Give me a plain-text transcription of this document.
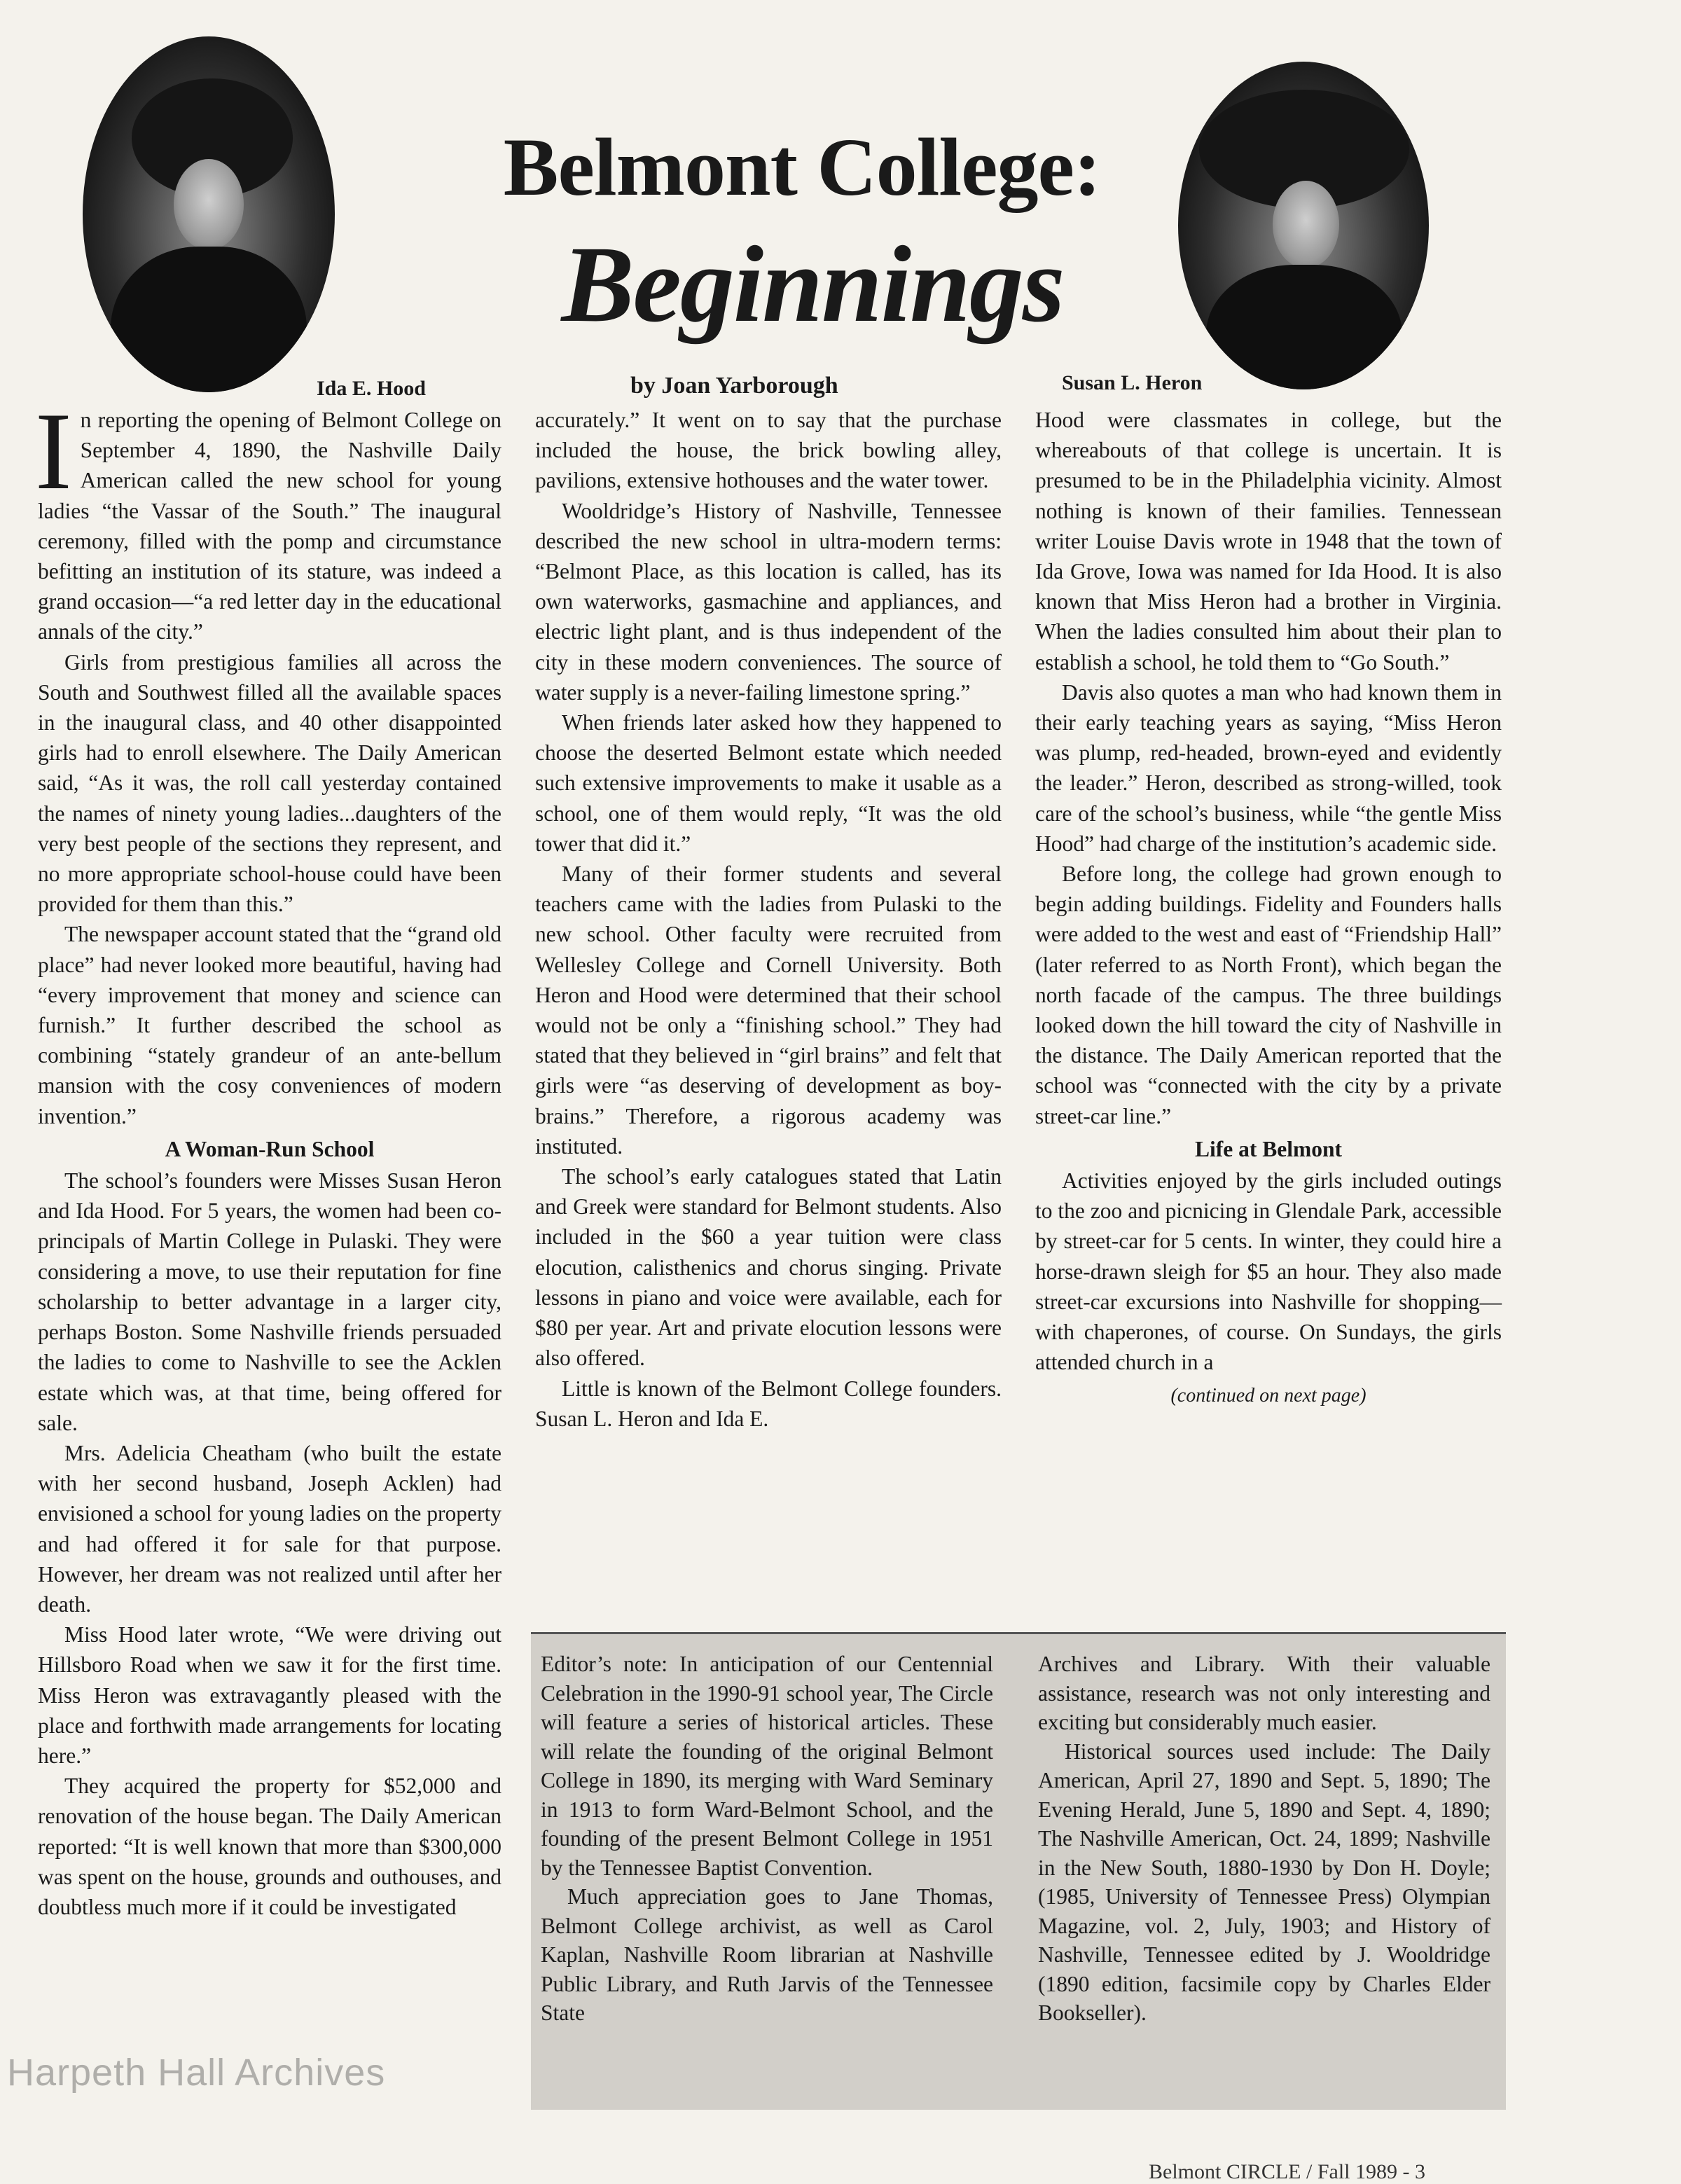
Ida E. Hood	Susan L. Heron
Belmont College:
Beginnings
by Joan Yarborough

In reporting the opening of Belmont College on September 4, 1890, the Nashville Daily American called the new school for young ladies “the Vassar of the South.” The inaugural ceremony, filled with the pomp and circumstance befitting an institution of its stature, was indeed a grand occasion—“a red letter day in the educational annals of the city.”

Girls from prestigious families all across the South and Southwest filled all the available spaces in the inaugural class, and 40 other disappointed girls had to enroll elsewhere. The Daily American said, “As it was, the roll call yesterday contained the names of ninety young ladies...daughters of the very best people of the sections they represent, and no more appropriate school-house could have been provided for them than this.”

The newspaper account stated that the “grand old place” had never looked more beautiful, having had “every improvement that money and science can furnish.” It further described the school as combining “stately grandeur of an ante-bellum mansion with the cosy conveniences of modern invention.”

A Woman-Run School

The school’s founders were Misses Susan Heron and Ida Hood. For 5 years, the women had been co-principals of Martin College in Pulaski. They were considering a move, to use their reputation for fine scholarship to better advantage in a larger city, perhaps Boston. Some Nashville friends persuaded the ladies to come to Nashville to see the Acklen estate which was, at that time, being offered for sale.

Mrs. Adelicia Cheatham (who built the estate with her second husband, Joseph Acklen) had envisioned a school for young ladies on the property and had offered it for sale for that purpose. However, her dream was not realized until after her death.

Miss Hood later wrote, “We were driving out Hillsboro Road when we saw it for the first time. Miss Heron was extravagantly pleased with the place and forthwith made arrangements for locating here.”

They acquired the property for $52,000 and renovation of the house began. The Daily American reported: “It is well known that more than $300,000 was spent on the house, grounds and outhouses, and doubtless much more if it could be investigated

accurately.” It went on to say that the purchase included the house, the brick bowling alley, pavilions, extensive hothouses and the water tower.

Wooldridge’s History of Nashville, Tennessee described the new school in ultra-modern terms: “Belmont Place, as this location is called, has its own waterworks, gasmachine and appliances, and electric light plant, and is thus independent of the city in these modern conveniences. The source of water supply is a never-failing limestone spring.”

When friends later asked how they happened to choose the deserted Belmont estate which needed such extensive improvements to make it usable as a school, one of them would reply, “It was the old tower that did it.”

Many of their former students and several teachers came with the ladies from Pulaski to the new school. Other faculty were recruited from Wellesley College and Cornell University. Both Heron and Hood were determined that their school would not be only a “finishing school.” They had stated that they believed in “girl brains” and felt that girls were “as deserving of development as boy-brains.” Therefore, a rigorous academy was instituted.

The school’s early catalogues stated that Latin and Greek were standard for Belmont students. Also included in the $60 a year tuition were class elocution, calisthenics and chorus singing. Private lessons in piano and voice were available, each for $80 per year. Art and private elocution lessons were also offered.

Little is known of the Belmont College founders. Susan L. Heron and Ida E.

Hood were classmates in college, but the whereabouts of that college is uncertain. It is presumed to be in the Philadelphia vicinity. Almost nothing is known of their families. Tennessean writer Louise Davis wrote in 1948 that the town of Ida Grove, Iowa was named for Ida Hood. It is also known that Miss Heron had a brother in Virginia. When the ladies consulted him about their plan to establish a school, he told them to “Go South.”

Davis also quotes a man who had known them in their early teaching years as saying, “Miss Heron was plump, red-headed, brown-eyed and evidently the leader.” Heron, described as strong-willed, took care of the school’s business, while “the gentle Miss Hood” had charge of the institution’s academic side.

Before long, the college had grown enough to begin adding buildings. Fidelity and Founders halls were added to the west and east of “Friendship Hall” (later referred to as North Front), which began the north facade of the campus. The three buildings looked down the hill toward the city of Nashville in the distance. The Daily American reported that the school was “connected with the city by a private street-car line.”

Life at Belmont

Activities enjoyed by the girls included outings to the zoo and picnicing in Glendale Park, accessible by street-car for 5 cents. In winter, they could hire a horse-drawn sleigh for $5 an hour. They also made street-car excursions into Nashville for shopping—with chaperones, of course. On Sundays, the girls attended church in a

(continued on next page)

Editor’s note: In anticipation of our Centennial Celebration in the 1990-91 school year, The Circle will feature a series of historical articles. These will relate the founding of the original Belmont College in 1890, its merging with Ward Seminary in 1913 to form Ward-Belmont School, and the founding of the present Belmont College in 1951 by the Tennessee Baptist Convention.

Much appreciation goes to Jane Thomas, Belmont College archivist, as well as Carol Kaplan, Nashville Room librarian at Nashville Public Library, and Ruth Jarvis of the Tennessee State

Archives and Library. With their valuable assistance, research was not only interesting and exciting but considerably much easier.

Historical sources used include: The Daily American, April 27, 1890 and Sept. 5, 1890; The Evening Herald, June 5, 1890 and Sept. 4, 1890; The Nashville American, Oct. 24, 1899; Nashville in the New South, 1880-1930 by Don H. Doyle; (1985, University of Tennessee Press) Olympian Magazine, vol. 2, July, 1903; and History of Nashville, Tennessee edited by J. Wooldridge (1890 edition, facsimile copy by Charles Elder Bookseller).

Harpeth Hall Archives
Belmont CIRCLE / Fall 1989 - 3
